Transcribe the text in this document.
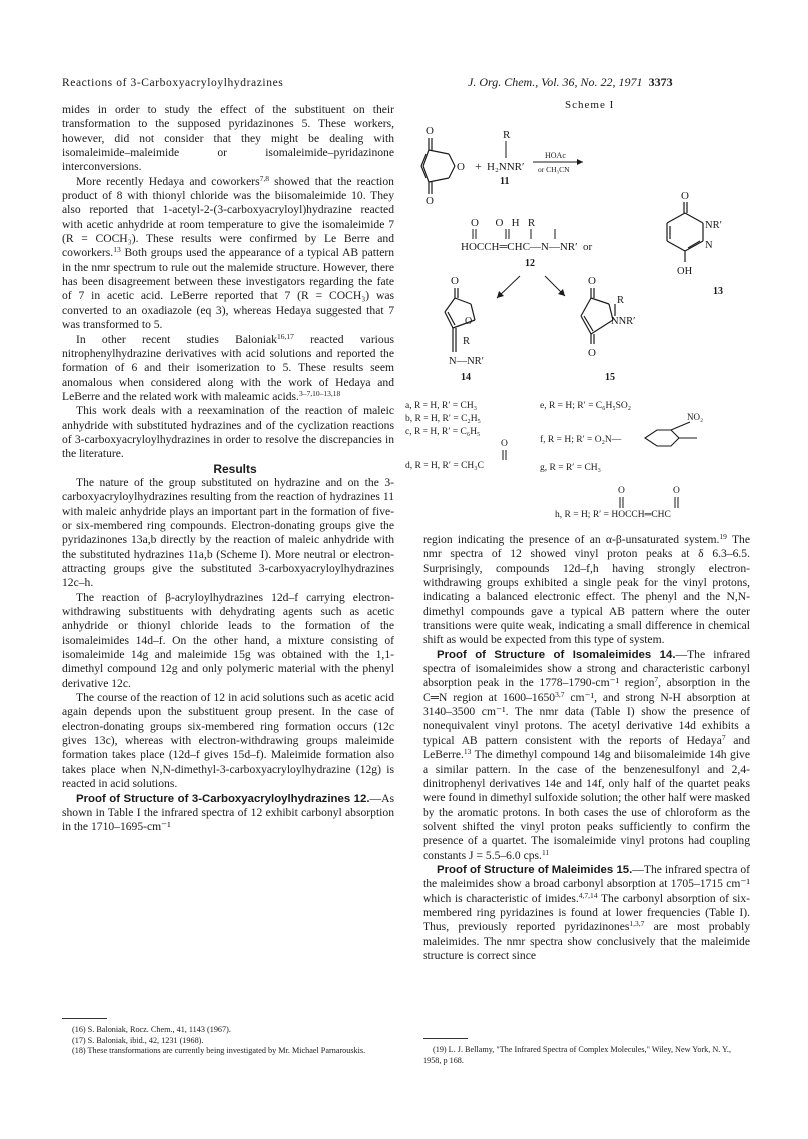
Reactions of 3-Carboxyacryloylhydrazines	J. Org. Chem., Vol. 36, No. 22, 1971 3373

mides in order to study the effect of the substituent on their transformation to the supposed pyridazinones 5. These workers, however, did not consider that they might be dealing with isomaleimide–maleimide or isomaleimide–pyridazinone interconversions.

More recently Hedaya and coworkers$^{7,8}$ showed that the reaction product of 8 with thionyl chloride was the biisomaleimide 10. They also reported that 1-acetyl-2-(3-carboxyacryloyl)hydrazine reacted with acetic anhydride at room temperature to give the isomaleimide 7 (R = COCH₃). These results were confirmed by Le Berre and coworkers.$^{13}$ Both groups used the appearance of a typical AB pattern in the nmr spectrum to rule out the malemide structure. However, there has been disagreement between these investigators regarding the fate of 7 in acetic acid. LeBerre reported that 7 (R = COCH₃) was converted to an oxadiazole (eq 3), whereas Hedaya suggested that 7 was transformed to 5.

In other recent studies Baloniak$^{16,17}$ reacted various nitrophenylhydrazine derivatives with acid solutions and reported the formation of 6 and their isomerization to 5. These results seem anomalous when considered along with the work of Hedaya and LeBerre and the related work with maleamic acids.$^{3-7,10-13,18}$

This work deals with a reexamination of the reaction of maleic anhydride with substituted hydrazines and of the cyclization reactions of 3-carboxyacryloylhydrazines in order to resolve the discrepancies in the literature.

Results

The nature of the group substituted on hydrazine and on the 3-carboxyacryloylhydrazines resulting from the reaction of hydrazines 11 with maleic anhydride plays an important part in the formation of five- or six-membered ring compounds. Electron-donating groups give the pyridazinones 13a,b directly by the reaction of maleic anhydride with the substituted hydrazines 11a,b (Scheme I). More neutral or electron-attracting groups give the substituted 3-carboxyacryloylhydrazines 12c–h.

The reaction of β-acryloylhydrazines 12d–f carrying electron-withdrawing substituents with dehydrating agents such as acetic anhydride or thionyl chloride leads to the formation of the isomaleimides 14d–f. On the other hand, a mixture consisting of isomaleimide 14g and maleimide 15g was obtained with the 1,1-dimethyl compound 12g and only polymeric material with the phenyl derivative 12c.

The course of the reaction of 12 in acid solutions such as acetic acid again depends upon the substituent group present. In the case of electron-donating groups six-membered ring formation occurs (12c gives 13c), whereas with electron-withdrawing groups maleimide formation takes place (12d–f gives 15d–f). Maleimide formation also takes place when N,N-dimethyl-3-carboxyacryloylhydrazine (12g) is reacted in acid solutions.

Proof of Structure of 3-Carboxyacryloylhydrazines 12.—As shown in Table I the infrared spectra of 12 exhibit carbonyl absorption in the 1710–1695-cm⁻¹

(16) S. Baloniak, Rocz. Chem., 41, 1143 (1967).
(17) S. Baloniak, ibid., 42, 1231 (1968).
(18) These transformations are currently being investigated by Mr. Michael Parnarouskis.
Scheme I
O
O
O
+
R
H₂NNR′
11
HOAc
or CH₃CN
O      O   H   R
HOCCH═CHC—N—NR′ or
12
O
NR′
N
OH
13
O
O
R
N—NR′
14
O
R
NNR′
O
15
a, R = H, R′ = CH₃
b, R = H, R′ = C₂H₅
c, R = H, R′ = C₆H₅
d, R = H, R′ = CH₃C
O
e, R = H; R′ = C₆H₅SO₂
NO₂
f, R = H; R′ = O₂N—
g, R = R′ = CH₃
O	O
h, R = H; R′ = HOCCH═CHC

region indicating the presence of an α-β-unsaturated system.$^{19}$ The nmr spectra of 12 showed vinyl proton peaks at δ 6.3–6.5. Surprisingly, compounds 12d–f,h having strongly electron-withdrawing groups exhibited a single peak for the vinyl protons, indicating a balanced electronic effect. The phenyl and the N,N-dimethyl compounds gave a typical AB pattern where the outer transitions were quite weak, indicating a small difference in chemical shift as would be expected from this type of system.

Proof of Structure of Isomaleimides 14.—The infrared spectra of isomaleimides show a strong and characteristic carbonyl absorption peak in the 1778–1790-cm⁻¹ region$^7$, absorption in the C═N region at 1600–1650$^{3,7}$ cm⁻¹, and strong N-H absorption at 3140–3500 cm⁻¹. The nmr data (Table I) show the presence of nonequivalent vinyl protons. The acetyl derivative 14d exhibits a typical AB pattern consistent with the reports of Hedaya$^7$ and LeBerre.$^{13}$ The dimethyl compound 14g and biisomaleimide 14h give a similar pattern. In the case of the benzenesulfonyl and 2,4-dinitrophenyl derivatives 14e and 14f, only half of the quartet peaks were found in dimethyl sulfoxide solution; the other half were masked by the aromatic protons. In both cases the use of chloroform as the solvent shifted the vinyl proton peaks sufficiently to confirm the presence of a quartet. The isomaleimide vinyl protons had coupling constants J = 5.5–6.0 cps.$^{11}$

Proof of Structure of Maleimides 15.—The infrared spectra of the maleimides show a broad carbonyl absorption at 1705–1715 cm⁻¹ which is characteristic of imides.$^{4,7,14}$ The carbonyl absorption of six-membered ring pyridazines is found at lower frequencies (Table I). Thus, previously reported pyridazinones$^{1,3,7}$ are most probably maleimides. The nmr spectra show conclusively that the maleimide structure is correct since

(19) L. J. Bellamy, "The Infrared Spectra of Complex Molecules," Wiley, New York, N. Y., 1958, p 168.
